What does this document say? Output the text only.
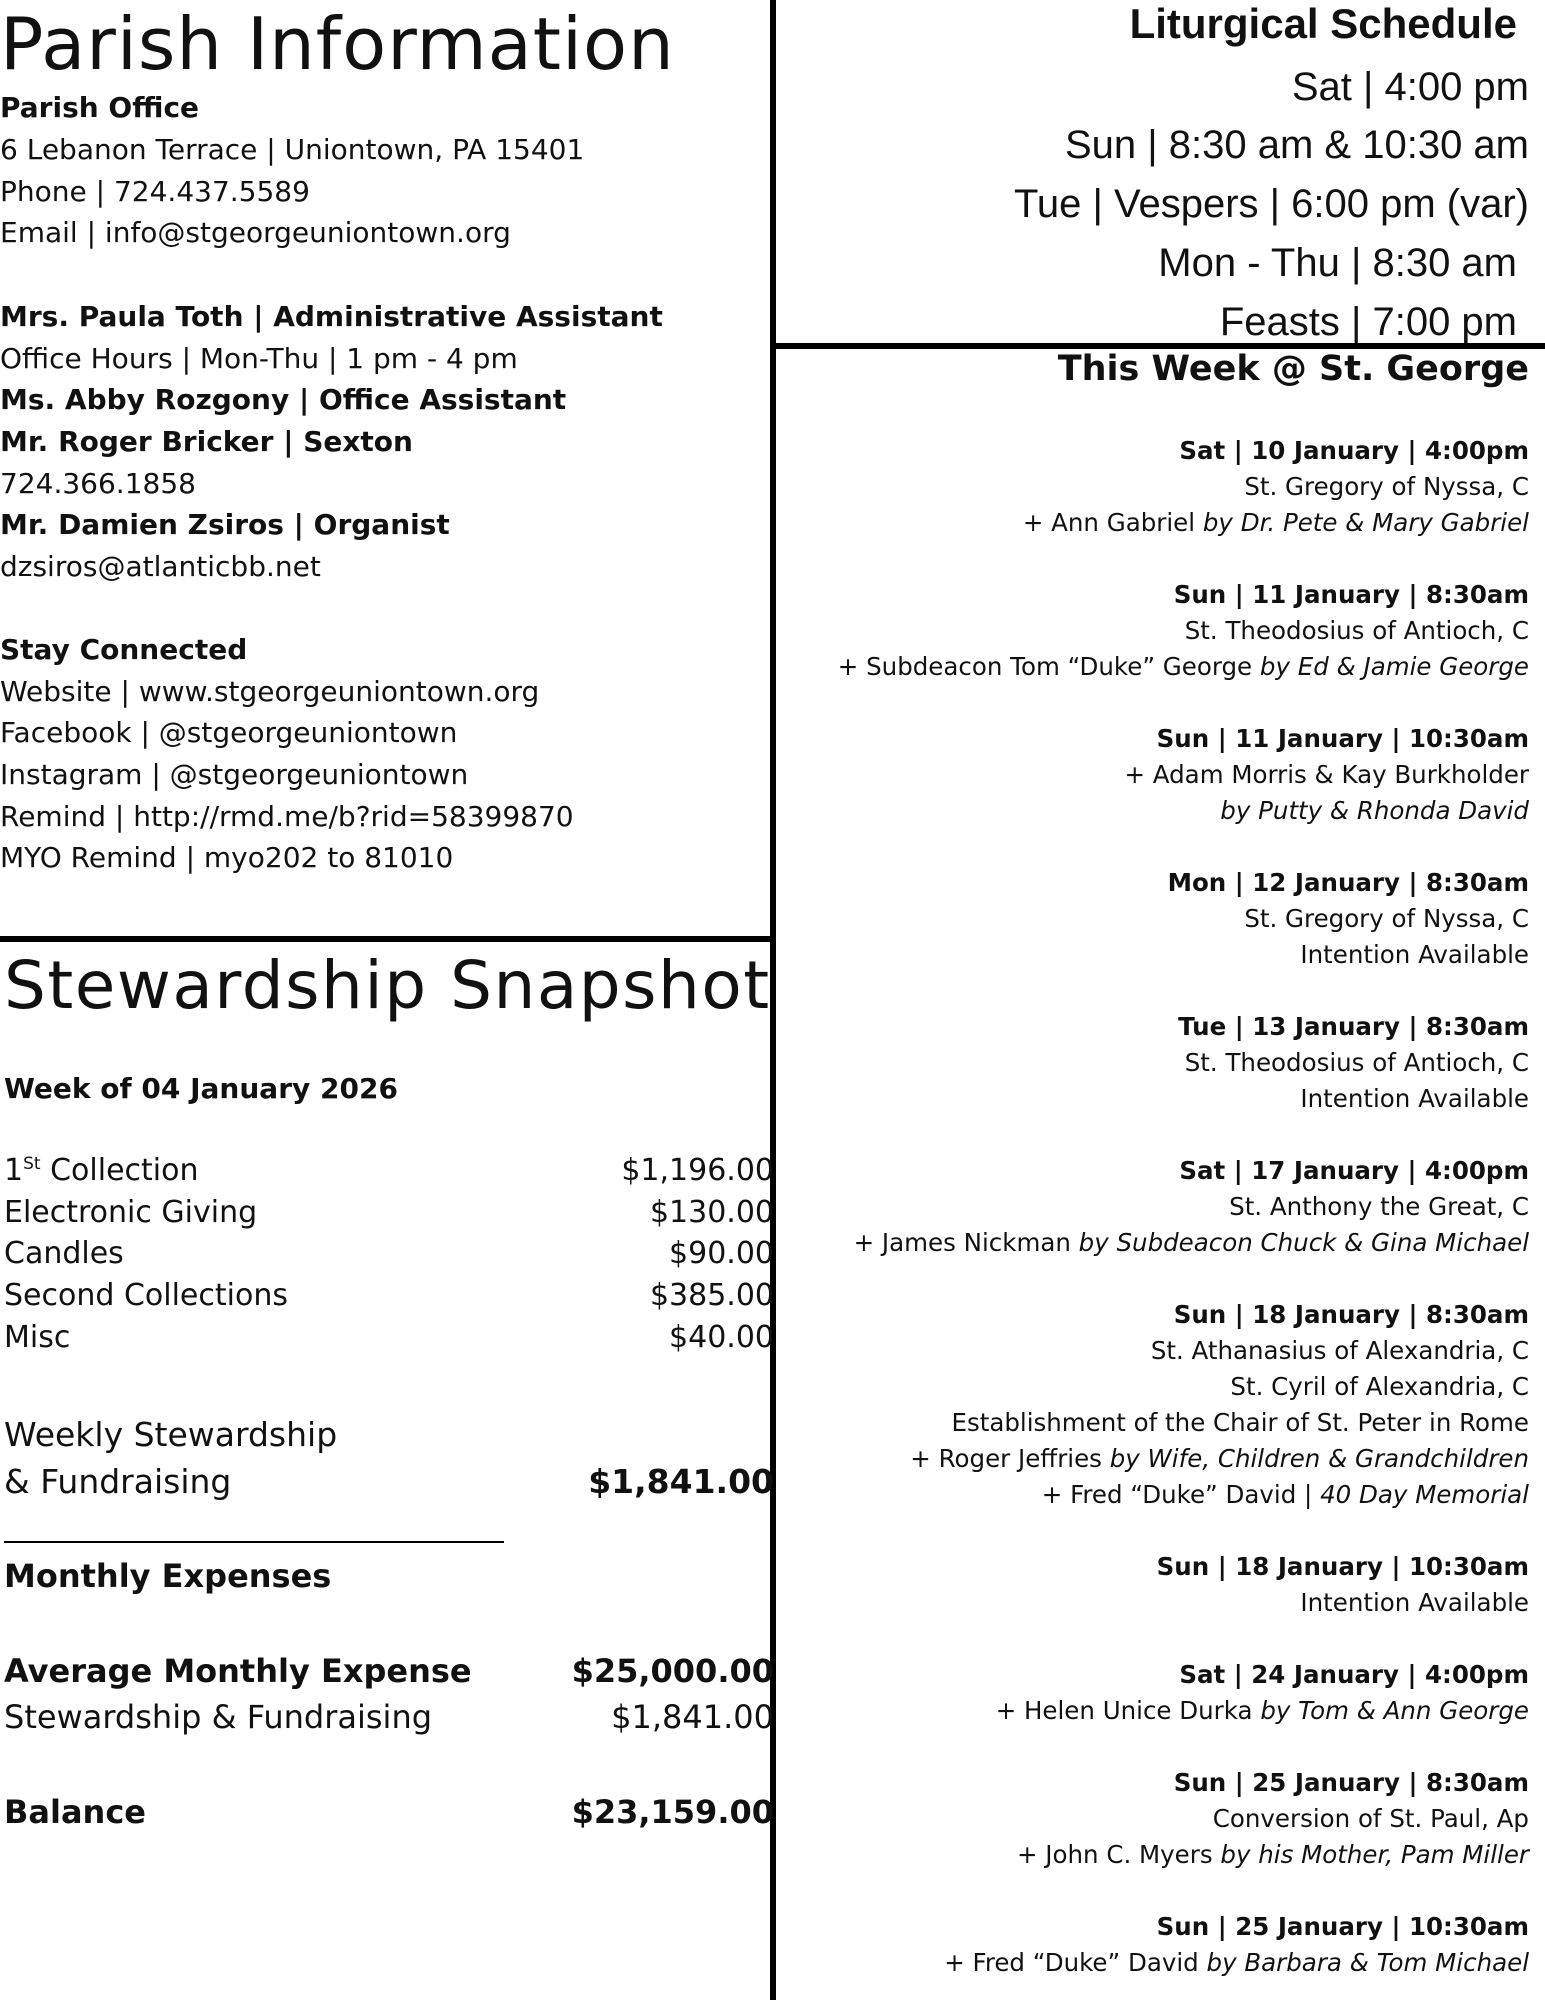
Parish Information
Parish Office
6 Lebanon Terrace | Uniontown, PA 15401
Phone | 724.437.5589
Email | info@stgeorgeuniontown.org
Mrs. Paula Toth | Administrative Assistant
Office Hours | Mon-Thu | 1 pm - 4 pm
Ms. Abby Rozgony | Office Assistant
Mr. Roger Bricker | Sexton
724.366.1858
Mr. Damien Zsiros | Organist
dzsiros@atlanticbb.net
Stay Connected
Website | www.stgeorgeuniontown.org
Facebook | @stgeorgeuniontown
Instagram | @stgeorgeuniontown
Remind | http://rmd.me/b?rid=58399870
MYO Remind | myo202 to 81010
Stewardship Snapshot
Week of 04 January 2026
1St Collection	$1,196.00
Electronic Giving	$130.00
Candles	$90.00
Second Collections	$385.00
Misc	$40.00
Weekly Stewardship
& Fundraising	$1,841.00
Monthly Expenses
Average Monthly Expense	$25,000.00
Stewardship & Fundraising	$1,841.00
Balance	$23,159.00
Liturgical Schedule
Sat | 4:00 pm
Sun | 8:30 am & 10:30 am
Tue | Vespers | 6:00 pm (var)
Mon - Thu | 8:30 am
Feasts | 7:00 pm
This Week @ St. George
Sat | 10 January | 4:00pm
St. Gregory of Nyssa, C
+ Ann Gabriel by Dr. Pete & Mary Gabriel
Sun | 11 January | 8:30am
St. Theodosius of Antioch, C
+ Subdeacon Tom “Duke” George by Ed & Jamie George
Sun | 11 January | 10:30am
+ Adam Morris & Kay Burkholder
by Putty & Rhonda David
Mon | 12 January | 8:30am
St. Gregory of Nyssa, C
Intention Available
Tue | 13 January | 8:30am
St. Theodosius of Antioch, C
Intention Available
Sat | 17 January | 4:00pm
St. Anthony the Great, C
+ James Nickman by Subdeacon Chuck & Gina Michael
Sun | 18 January | 8:30am
St. Athanasius of Alexandria, C
St. Cyril of Alexandria, C
Establishment of the Chair of St. Peter in Rome
+ Roger Jeffries by Wife, Children & Grandchildren
+ Fred “Duke” David | 40 Day Memorial
Sun | 18 January | 10:30am
Intention Available
Sat | 24 January | 4:00pm
+ Helen Unice Durka by Tom & Ann George
Sun | 25 January | 8:30am
Conversion of St. Paul, Ap
+ John C. Myers by his Mother, Pam Miller
Sun | 25 January | 10:30am
+ Fred “Duke” David by Barbara & Tom Michael
